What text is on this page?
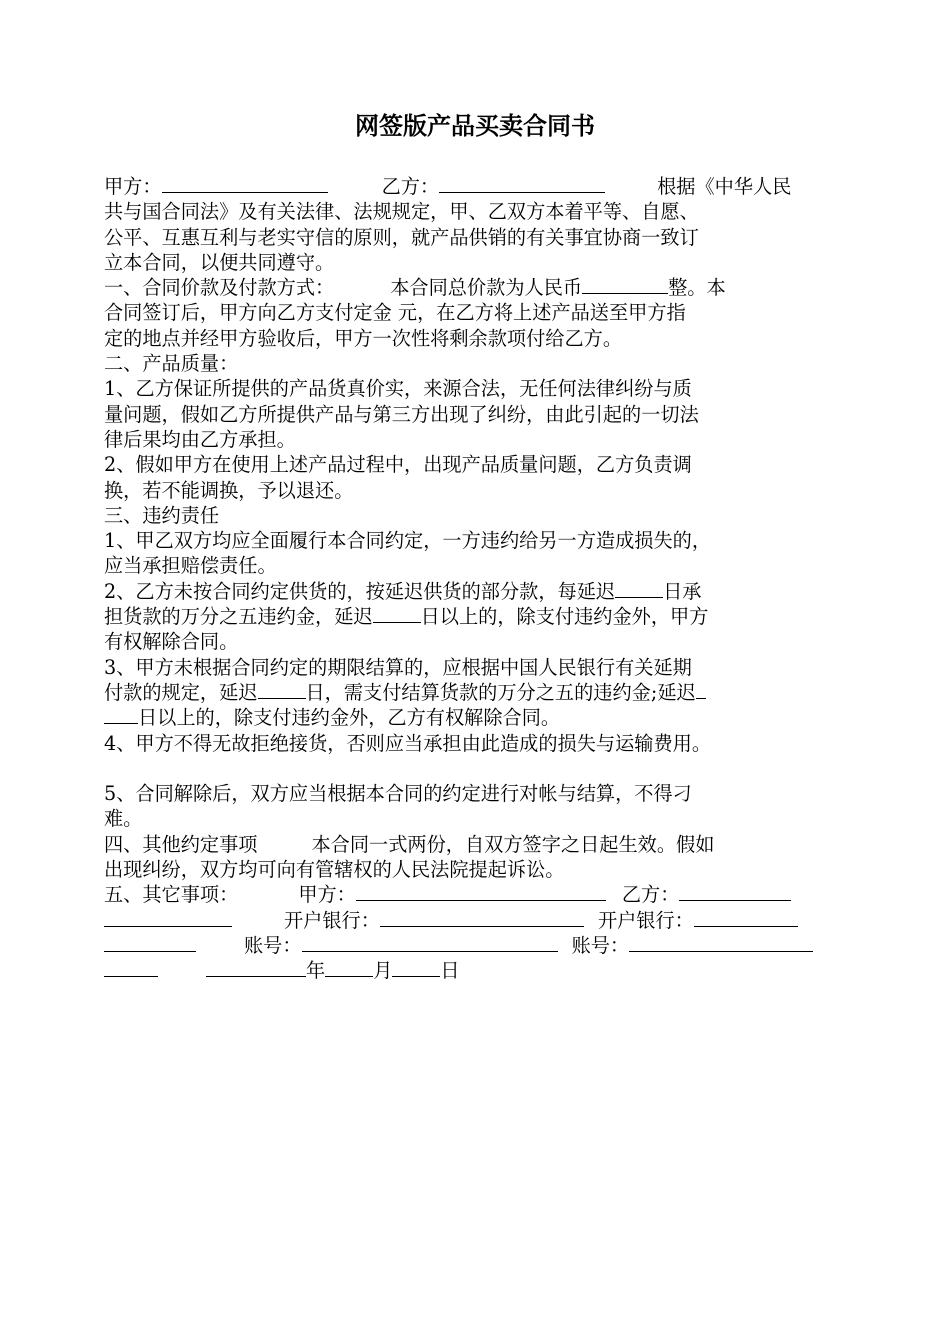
网签版产品买卖合同书
甲方：	乙方：	根据《中华人民
共与国合同法》及有关法律、法规规定，甲、乙双方本着平等、自愿、
公平、互惠互利与老实守信的原则，就产品供销的有关事宜协商一致订
立本合同，以便共同遵守。
一、合同价款及付款方式：	本合同总价款为人民币	整。本
合同签订后，甲方向乙方支付定金 元，在乙方将上述产品送至甲方指
定的地点并经甲方验收后，甲方一次性将剩余款项付给乙方。
二、产品质量：
1、乙方保证所提供的产品货真价实，来源合法，无任何法律纠纷与质
量问题，假如乙方所提供产品与第三方出现了纠纷，由此引起的一切法
律后果均由乙方承担。
2、假如甲方在使用上述产品过程中，出现产品质量问题，乙方负责调
换，若不能调换，予以退还。
三、违约责任
1、甲乙双方均应全面履行本合同约定，一方违约给另一方造成损失的，
应当承担赔偿责任。
2、乙方未按合同约定供货的，按延迟供货的部分款，每延迟	日承
担货款的万分之五违约金，延迟	日以上的，除支付违约金外，甲方
有权解除合同。
3、甲方未根据合同约定的期限结算的，应根据中国人民银行有关延期
付款的规定，延迟	日，需支付结算货款的万分之五的违约金;延迟
日以上的，除支付违约金外，乙方有权解除合同。
4、甲方不得无故拒绝接货，否则应当承担由此造成的损失与运输费用。
5、合同解除后，双方应当根据本合同的约定进行对帐与结算，不得刁
难。
四、其他约定事项	本合同一式两份，自双方签字之日起生效。假如
出现纠纷，双方均可向有管辖权的人民法院提起诉讼。
五、其它事项：	甲方：	乙方：
开户银行：	开户银行：
账号：	账号：
年	月	日
